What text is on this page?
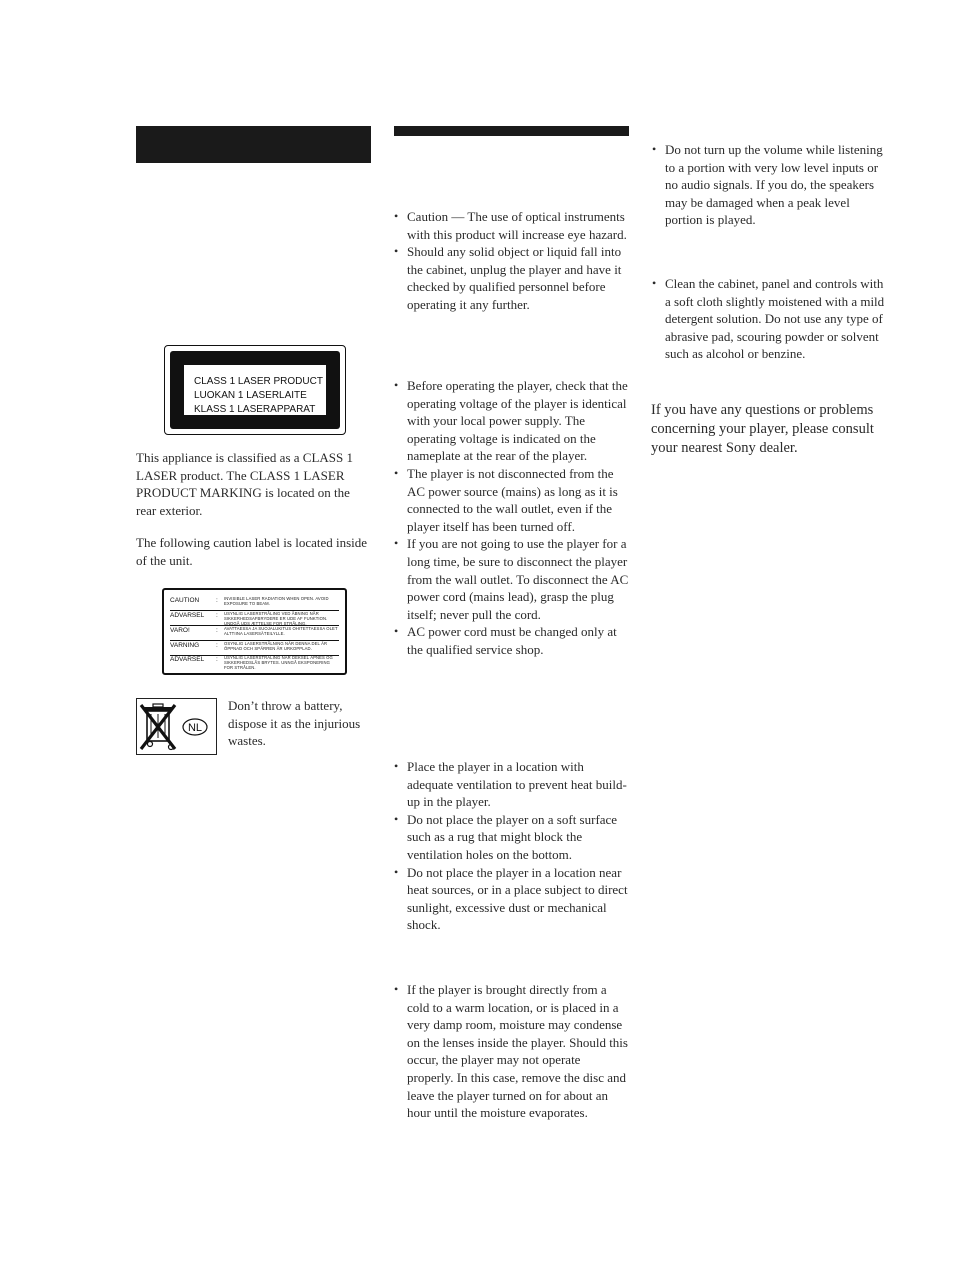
CLASS 1 LASER PRODUCT
LUOKAN 1 LASERLAITE
KLASS 1 LASERAPPARAT
This appliance is classified as a CLASS 1 LASER product. The CLASS 1 LASER PRODUCT MARKING is located on the rear exterior.
The following caution label is located inside of the unit.
CAUTION	:	INVISIBLE LASER RADIATION WHEN OPEN. AVOID EXPOSURE TO BEAM.
ADVARSEL	:	USYNLIG LASERSTRÅLING VED ÅBNING NÅR SIKKERHEDSAFBRYDERE ER UDE AF FUNKTION. UNDGÅ UDS ÆTTELSE FOR STRÅLING.
VARO!	:	AVATTAESSA JA SUOJALUKITUS OHITETTAESSA OLET ALTTIINA LASERSÄTEILYLLE.
VARNING	:	OSYNLIG LASERSTRÅLNING NÄR DENNA DEL ÄR ÖPPNAD OCH SPÄRREN ÄR URKOPPLAD.
ADVARSEL	:	USYNLIG LASERSTRÅLING NÅR DEKSEL ÅPNES OG SIKKERHEDSLÅS BRYTES. UNNGÅ EKSPONERING FOR STRÅLEN.
NL
Don’t throw a battery, dispose it as the injurious wastes.
• Caution — The use of optical instruments with this product will increase eye hazard.
• Should any solid object or liquid fall into the cabinet, unplug the player and have it checked by qualified personnel before operating it any further.
• Before operating the player, check that the operating voltage of the player is identical with your local power supply. The operating voltage is indicated on the nameplate at the rear of the player.
• The player is not disconnected from the AC power source (mains) as long as it is connected to the wall outlet, even if the player itself has been turned off.
• If you are not going to use the player for a long time, be sure to disconnect the player from the wall outlet. To disconnect the AC power cord (mains lead), grasp the plug itself; never pull the cord.
• AC power cord must be changed only at the qualified service shop.
• Place the player in a location with adequate ventilation to prevent heat build-up in the player.
• Do not place the player on a soft surface such as a rug that might block the ventilation holes on the bottom.
• Do not place the player in a location near heat sources, or in a place subject to direct sunlight, excessive dust or mechanical shock.
• If the player is brought directly from a cold to a warm location, or is placed in a very damp room, moisture may condense on the lenses inside the player. Should this occur, the player may not operate properly. In this case, remove the disc and leave the player turned on for about an hour until the moisture evaporates.
• Do not turn up the volume while listening to a portion with very low level inputs or no audio signals. If you do, the speakers may be damaged when a peak level portion is played.
• Clean the cabinet, panel and controls with a soft cloth slightly moistened with a mild detergent solution. Do not use any type of abrasive pad, scouring powder or solvent such as alcohol or benzine.
If you have any questions or problems concerning your player, please consult your nearest Sony dealer.
